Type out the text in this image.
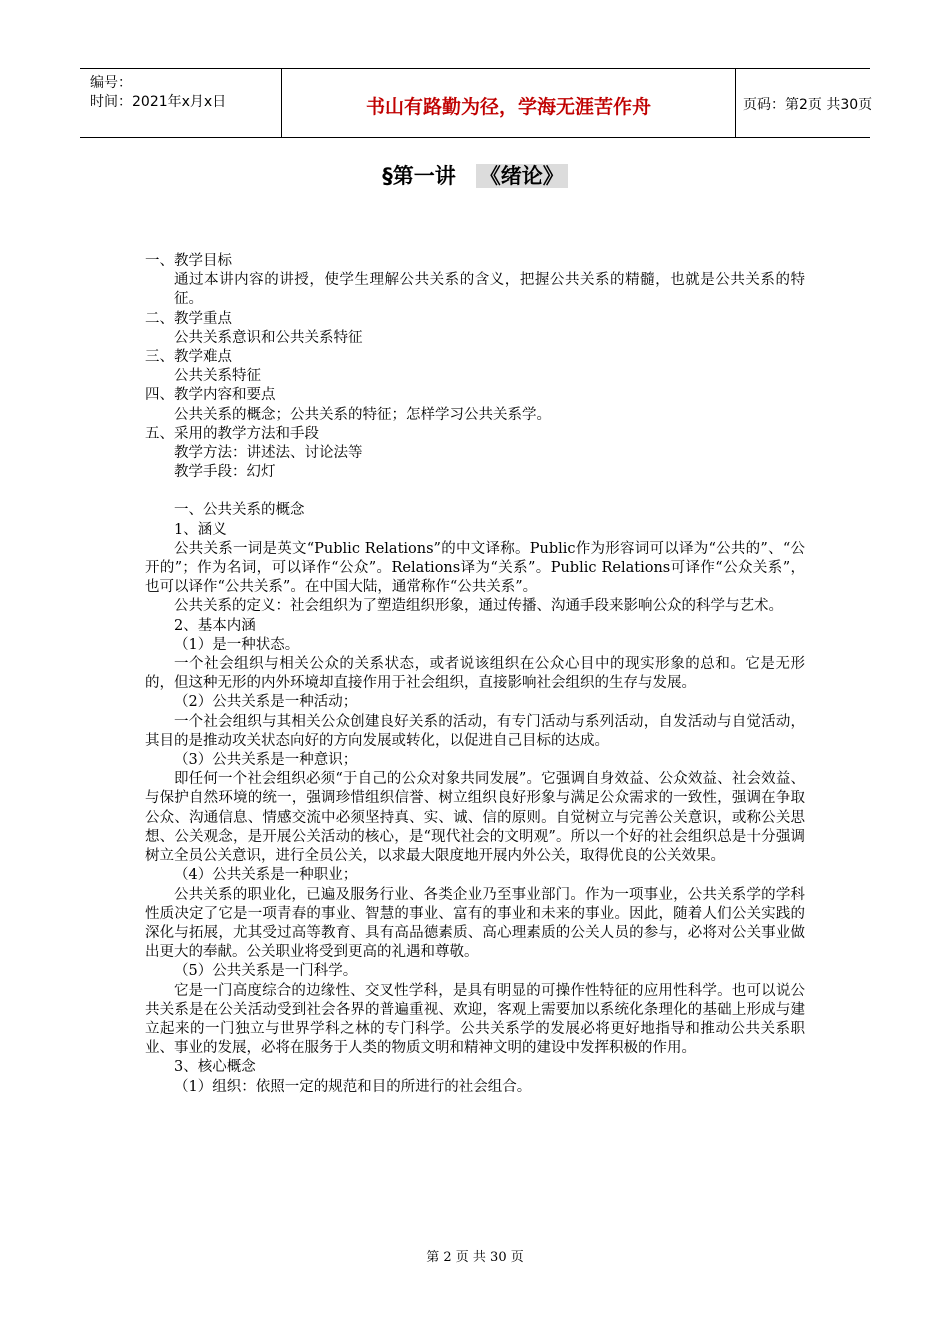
编号：
时间：2021年x月x日	书山有路勤为径，学海无涯苦作舟	页码：第2页 共30页
§第一讲 《绪论》

一、教学目标

通过本讲内容的讲授，使学生理解公共关系的含义，把握公共关系的精髓，也就是公共关系的特征。

二、教学重点

公共关系意识和公共关系特征

三、教学难点

公共关系特征

四、教学内容和要点

公共关系的概念；公共关系的特征；怎样学习公共关系学。

五、采用的教学方法和手段

教学方法：讲述法、讨论法等

教学手段：幻灯

一、公共关系的概念

1、涵义

公共关系一词是英文“Public Relations”的中文译称。Public作为形容词可以译为“公共的”、“公开的”；作为名词，可以译作“公众”。Relations译为“关系”。Public Relations可译作“公众关系”，也可以译作“公共关系”。在中国大陆，通常称作“公共关系”。

公共关系的定义：社会组织为了塑造组织形象，通过传播、沟通手段来影响公众的科学与艺术。

2、基本内涵

（1）是一种状态。

一个社会组织与相关公众的关系状态，或者说该组织在公众心目中的现实形象的总和。它是无形的，但这种无形的内外环境却直接作用于社会组织，直接影响社会组织的生存与发展。

（2）公共关系是一种活动；

一个社会组织与其相关公众创建良好关系的活动，有专门活动与系列活动，自发活动与自觉活动，其目的是推动攻关状态向好的方向发展或转化，以促进自己目标的达成。

（3）公共关系是一种意识；

即任何一个社会组织必须“于自己的公众对象共同发展”。它强调自身效益、公众效益、社会效益、与保护自然环境的统一，强调珍惜组织信誉、树立组织良好形象与满足公众需求的一致性，强调在争取公众、沟通信息、情感交流中必须坚持真、实、诚、信的原则。自觉树立与完善公关意识，或称公关思想、公关观念，是开展公关活动的核心，是“现代社会的文明观”。所以一个好的社会组织总是十分强调树立全员公关意识，进行全员公关，以求最大限度地开展内外公关，取得优良的公关效果。

（4）公共关系是一种职业；

公共关系的职业化，已遍及服务行业、各类企业乃至事业部门。作为一项事业，公共关系学的学科性质决定了它是一项青春的事业、智慧的事业、富有的事业和未来的事业。因此，随着人们公关实践的深化与拓展，尤其受过高等教育、具有高品德素质、高心理素质的公关人员的参与，必将对公关事业做出更大的奉献。公关职业将受到更高的礼遇和尊敬。

（5）公共关系是一门科学。

它是一门高度综合的边缘性、交叉性学科，是具有明显的可操作性特征的应用性科学。也可以说公共关系是在公关活动受到社会各界的普遍重视、欢迎，客观上需要加以系统化条理化的基础上形成与建立起来的一门独立与世界学科之林的专门科学。公共关系学的发展必将更好地指导和推动公共关系职业、事业的发展，必将在服务于人类的物质文明和精神文明的建设中发挥积极的作用。

3、核心概念

（1）组织：依照一定的规范和目的所进行的社会组合。

第 2 页 共 30 页
